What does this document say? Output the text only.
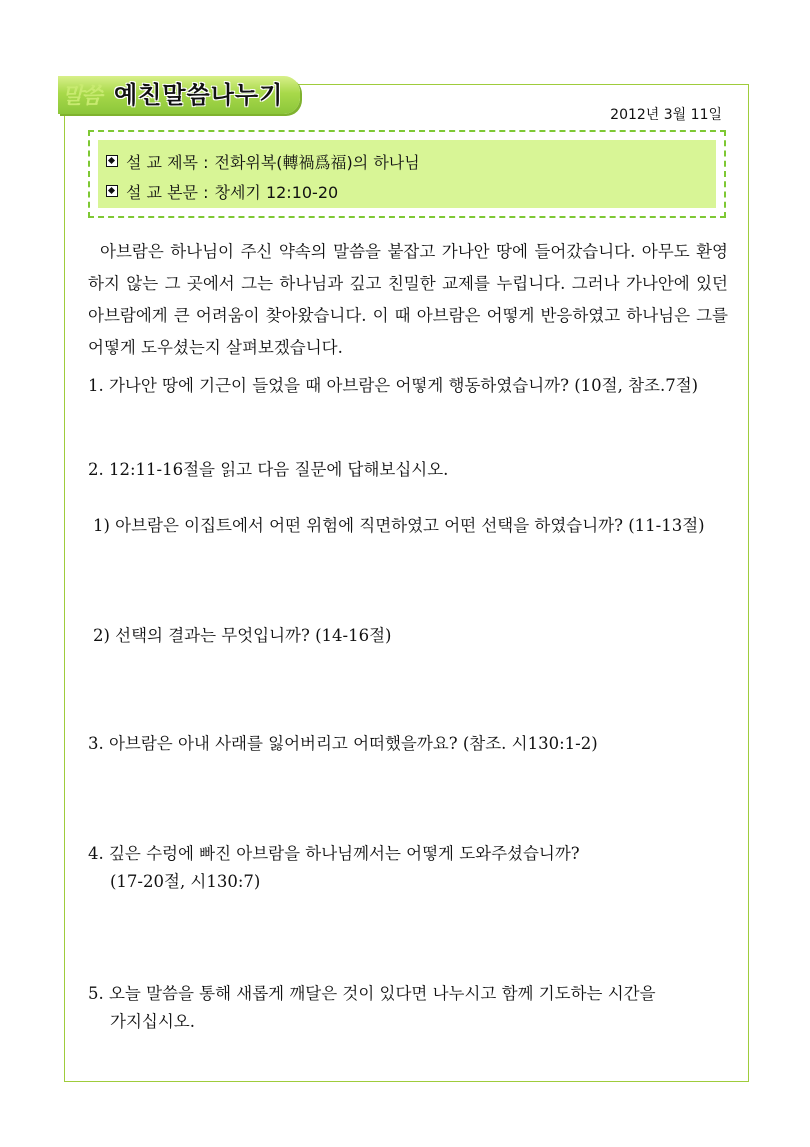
말씀 예친말씀나누기
2012년 3월 11일
설 교 제목 : 전화위복(轉禍爲福)의 하나님
설 교 본문 : 창세기 12:10-20
아브람은 하나님이 주신 약속의 말씀을 붙잡고 가나안 땅에 들어갔습니다. 아무도 환영하지 않는 그 곳에서 그는 하나님과 깊고 친밀한 교제를 누립니다. 그러나 가나안에 있던 아브람에게 큰 어려움이 찾아왔습니다. 이 때 아브람은 어떻게 반응하였고 하나님은 그를 어떻게 도우셨는지 살펴보겠습니다.
1. 가나안 땅에 기근이 들었을 때 아브람은 어떻게 행동하였습니까? (10절, 참조.7절)
2. 12:11-16절을 읽고 다음 질문에 답해보십시오.
1) 아브람은 이집트에서 어떤 위험에 직면하였고 어떤 선택을 하였습니까? (11-13절)
2) 선택의 결과는 무엇입니까? (14-16절)
3. 아브람은 아내 사래를 잃어버리고 어떠했을까요? (참조. 시130:1-2)
4. 깊은 수렁에 빠진 아브람을 하나님께서는 어떻게 도와주셨습니까?
(17-20절, 시130:7)
5. 오늘 말씀을 통해 새롭게 깨달은 것이 있다면 나누시고 함께 기도하는 시간을
가지십시오.
